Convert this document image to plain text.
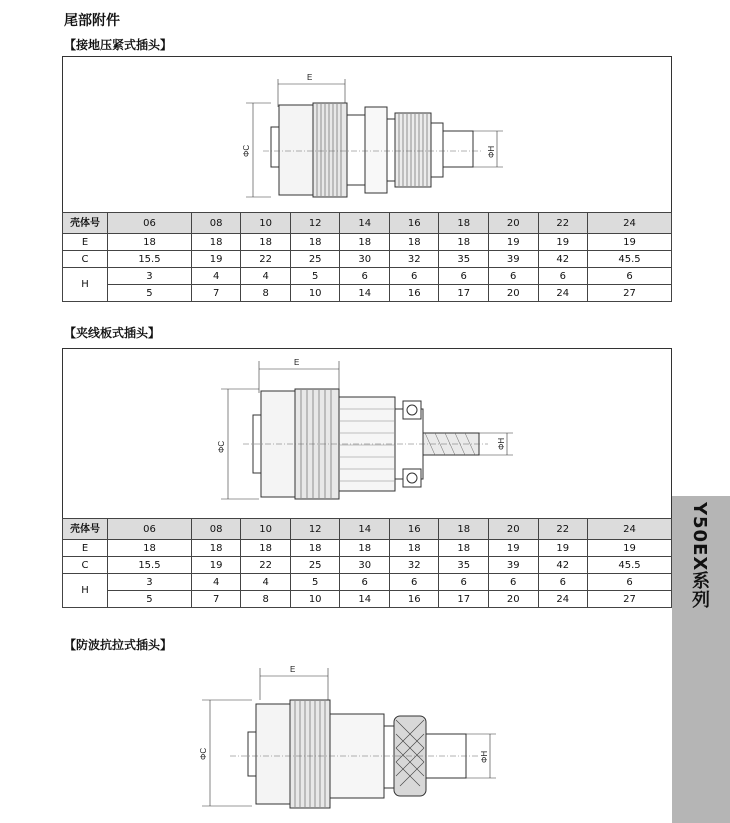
尾部附件
【接地压紧式插头】
E
ΦC	ΦH
壳体号	06	08	10	12	14	16	18	20	22	24
E	18	18	18	18	18	18	18	19	19	19
C	15.5	19	22	25	30	32	35	39	42	45.5
H	3	4	4	5	6	6	6	6	6	6
	5	7	8	10	14	16	17	20	24	27
【夹线板式插头】
E
ΦC	ΦH
壳体号	06	08	10	12	14	16	18	20	22	24
E	18	18	18	18	18	18	18	19	19	19
C	15.5	19	22	25	30	32	35	39	42	45.5
H	3	4	4	5	6	6	6	6	6	6
	5	7	8	10	14	16	17	20	24	27
【防波抗拉式插头】
E
ΦC	ΦH
Y50EX系列
